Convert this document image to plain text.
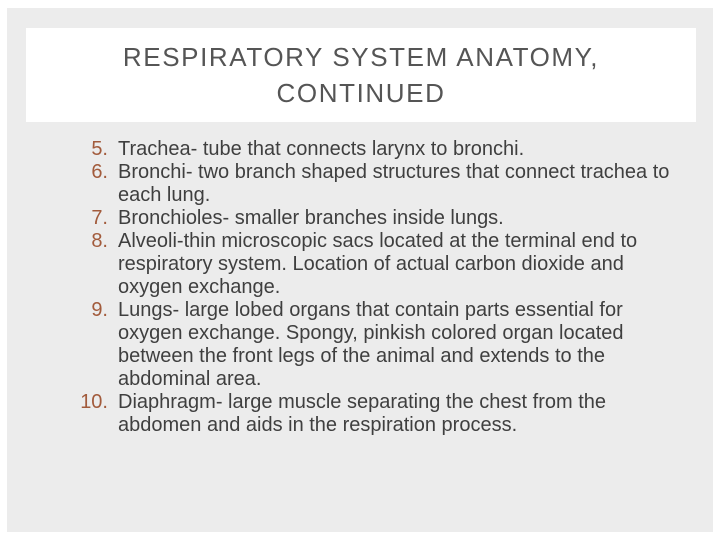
RESPIRATORY SYSTEM ANATOMY,
CONTINUED
5. Trachea- tube that connects larynx to bronchi.
6. Bronchi- two branch shaped structures that connect trachea to each lung.
7. Bronchioles- smaller branches inside lungs.
8. Alveoli-thin microscopic sacs located at the terminal end to respiratory system. Location of actual carbon dioxide and oxygen exchange.
9. Lungs- large lobed organs that contain parts essential for oxygen exchange. Spongy, pinkish colored organ located between the front legs of the animal and extends to the abdominal area.
10. Diaphragm- large muscle separating the chest from the abdomen and aids in the respiration process.
